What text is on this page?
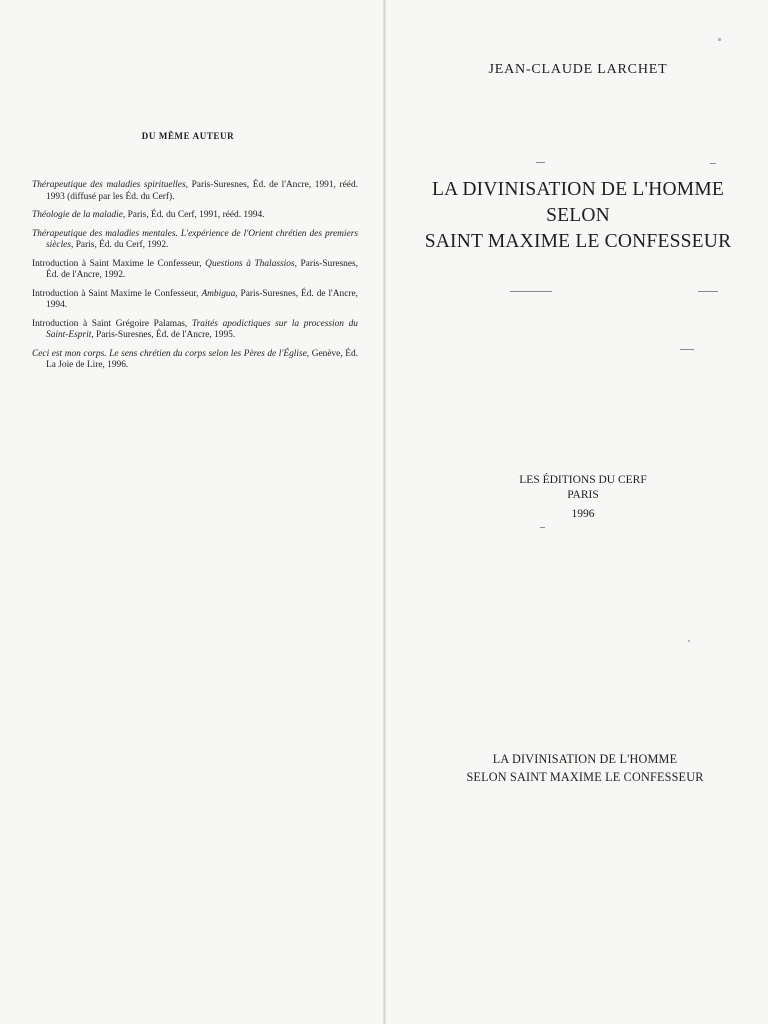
DU MÊME AUTEUR
Thérapeutique des maladies spirituelles, Paris-Suresnes, Éd. de l'Ancre, 1991, rééd. 1993 (diffusé par les Éd. du Cerf).
Théologie de la maladie, Paris, Éd. du Cerf, 1991, rééd. 1994.
Thérapeutique des maladies mentales. L'expérience de l'Orient chrétien des premiers siècles, Paris, Éd. du Cerf, 1992.
Introduction à Saint Maxime le Confesseur, Questions à Thalassios, Paris-Suresnes, Éd. de l'Ancre, 1992.
Introduction à Saint Maxime le Confesseur, Ambigua, Paris-Suresnes, Éd. de l'Ancre, 1994.
Introduction à Saint Grégoire Palamas, Traités apodictiques sur la procession du Saint-Esprit, Paris-Suresnes, Éd. de l'Ancre, 1995.
Ceci est mon corps. Le sens chrétien du corps selon les Pères de l'Église, Genève, Éd. La Joie de Lire, 1996.
JEAN-CLAUDE LARCHET
LA DIVINISATION DE L'HOMME
SELON
SAINT MAXIME LE CONFESSEUR
LES ÉDITIONS DU CERF
PARIS
1996
LA DIVINISATION DE L'HOMME
SELON SAINT MAXIME LE CONFESSEUR
